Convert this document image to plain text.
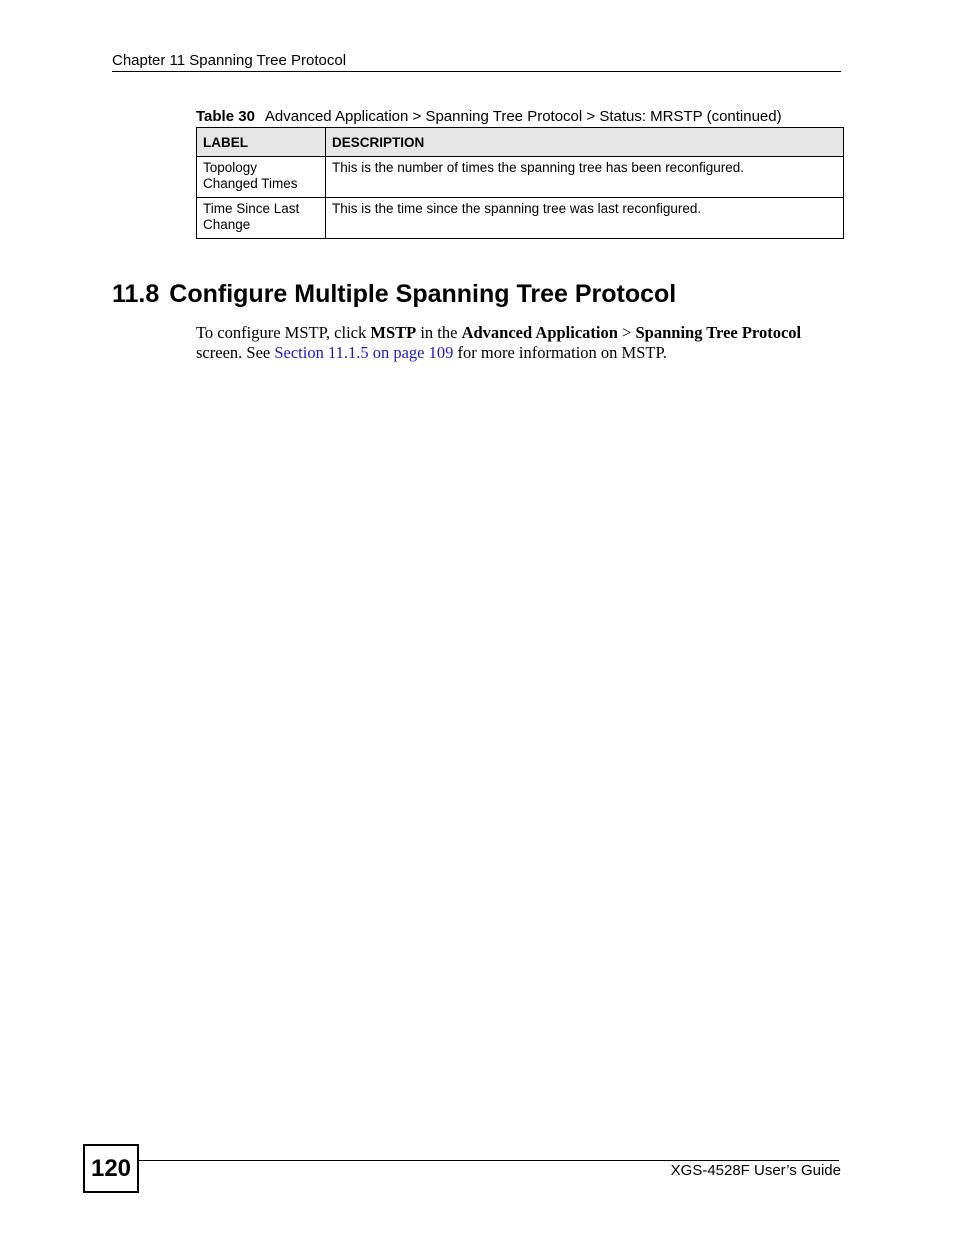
Chapter 11 Spanning Tree Protocol
Table 30 Advanced Application > Spanning Tree Protocol > Status: MRSTP (continued)
LABEL	DESCRIPTION
Topology
Changed Times	This is the number of times the spanning tree has been reconfigured.
Time Since Last
Change	This is the time since the spanning tree was last reconfigured.
11.8 Configure Multiple Spanning Tree Protocol
To configure MSTP, click MSTP in the Advanced Application > Spanning Tree Protocol screen. See Section 11.1.5 on page 109 for more information on MSTP.
120	XGS-4528F User’s Guide
